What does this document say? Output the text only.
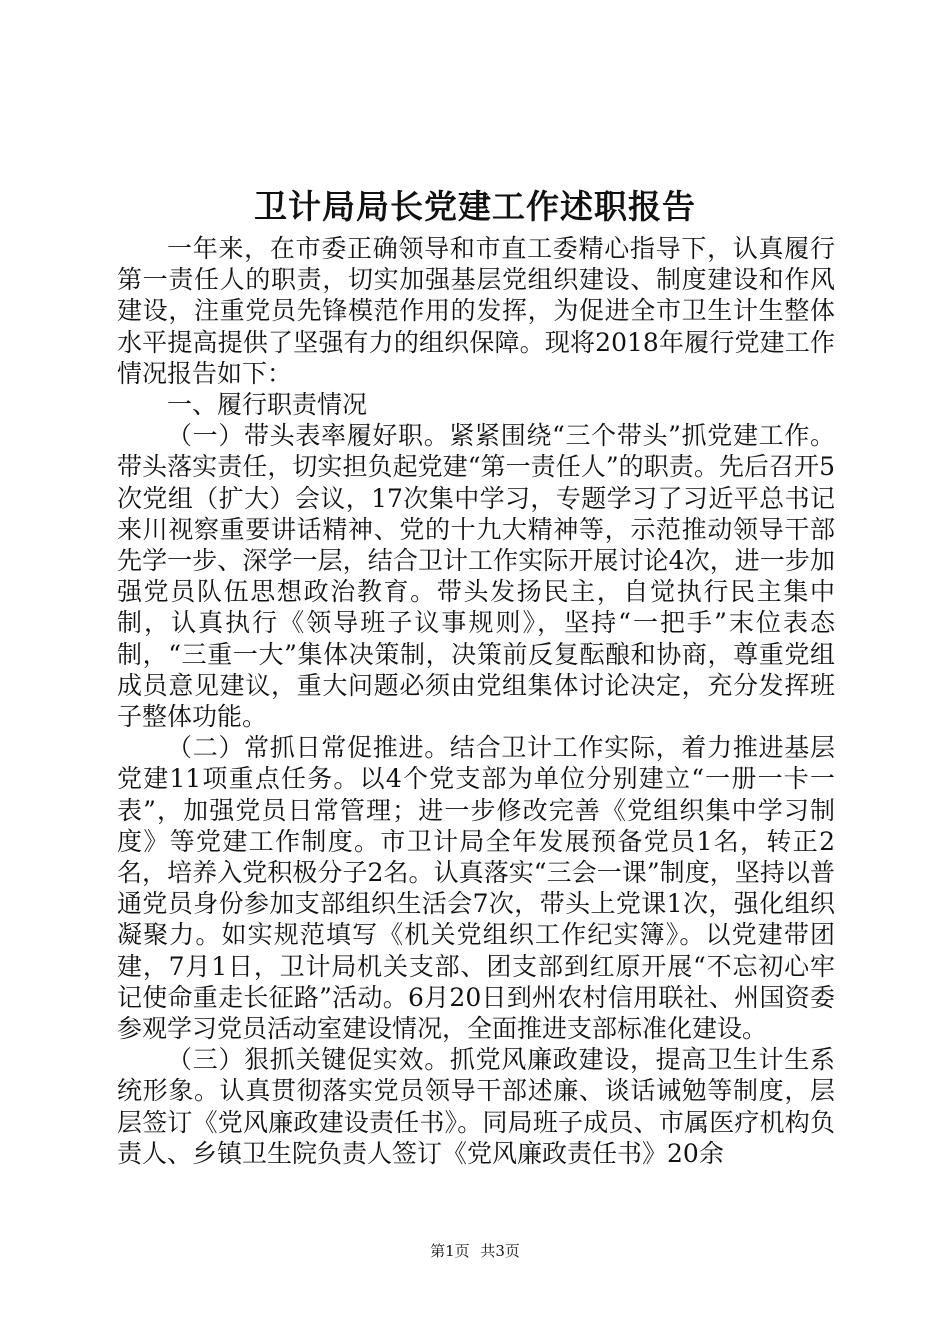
卫计局局长党建工作述职报告

一年来，在市委正确领导和市直工委精心指导下，认真履行第一责任人的职责，切实加强基层党组织建设、制度建设和作风建设，注重党员先锋模范作用的发挥，为促进全市卫生计生整体水平提高提供了坚强有力的组织保障。现将2018年履行党建工作情况报告如下：

一、履行职责情况

（一）带头表率履好职。紧紧围绕“三个带头”抓党建工作。带头落实责任，切实担负起党建“第一责任人”的职责。先后召开5次党组（扩大）会议，17次集中学习，专题学习了习近平总书记来川视察重要讲话精神、党的十九大精神等，示范推动领导干部先学一步、深学一层，结合卫计工作实际开展讨论4次，进一步加强党员队伍思想政治教育。带头发扬民主，自觉执行民主集中制，认真执行《领导班子议事规则》，坚持“一把手”末位表态制，“三重一大”集体决策制，决策前反复酝酿和协商，尊重党组成员意见建议，重大问题必须由党组集体讨论决定，充分发挥班子整体功能。

（二）常抓日常促推进。结合卫计工作实际，着力推进基层党建11项重点任务。以4个党支部为单位分别建立“一册一卡一表”，加强党员日常管理；进一步修改完善《党组织集中学习制度》等党建工作制度。市卫计局全年发展预备党员1名，转正2名，培养入党积极分子2名。认真落实“三会一课”制度，坚持以普通党员身份参加支部组织生活会7次，带头上党课1次，强化组织凝聚力。如实规范填写《机关党组织工作纪实簿》。以党建带团建，7月1日，卫计局机关支部、团支部到红原开展“不忘初心牢记使命重走长征路”活动。6月20日到州农村信用联社、州国资委参观学习党员活动室建设情况，全面推进支部标准化建设。

（三）狠抓关键促实效。抓党风廉政建设，提高卫生计生系统形象。认真贯彻落实党员领导干部述廉、谈话诫勉等制度，层层签订《党风廉政建设责任书》。同局班子成员、市属医疗机构负责人、乡镇卫生院负责人签订《党风廉政责任书》20余

第1页 共3页
